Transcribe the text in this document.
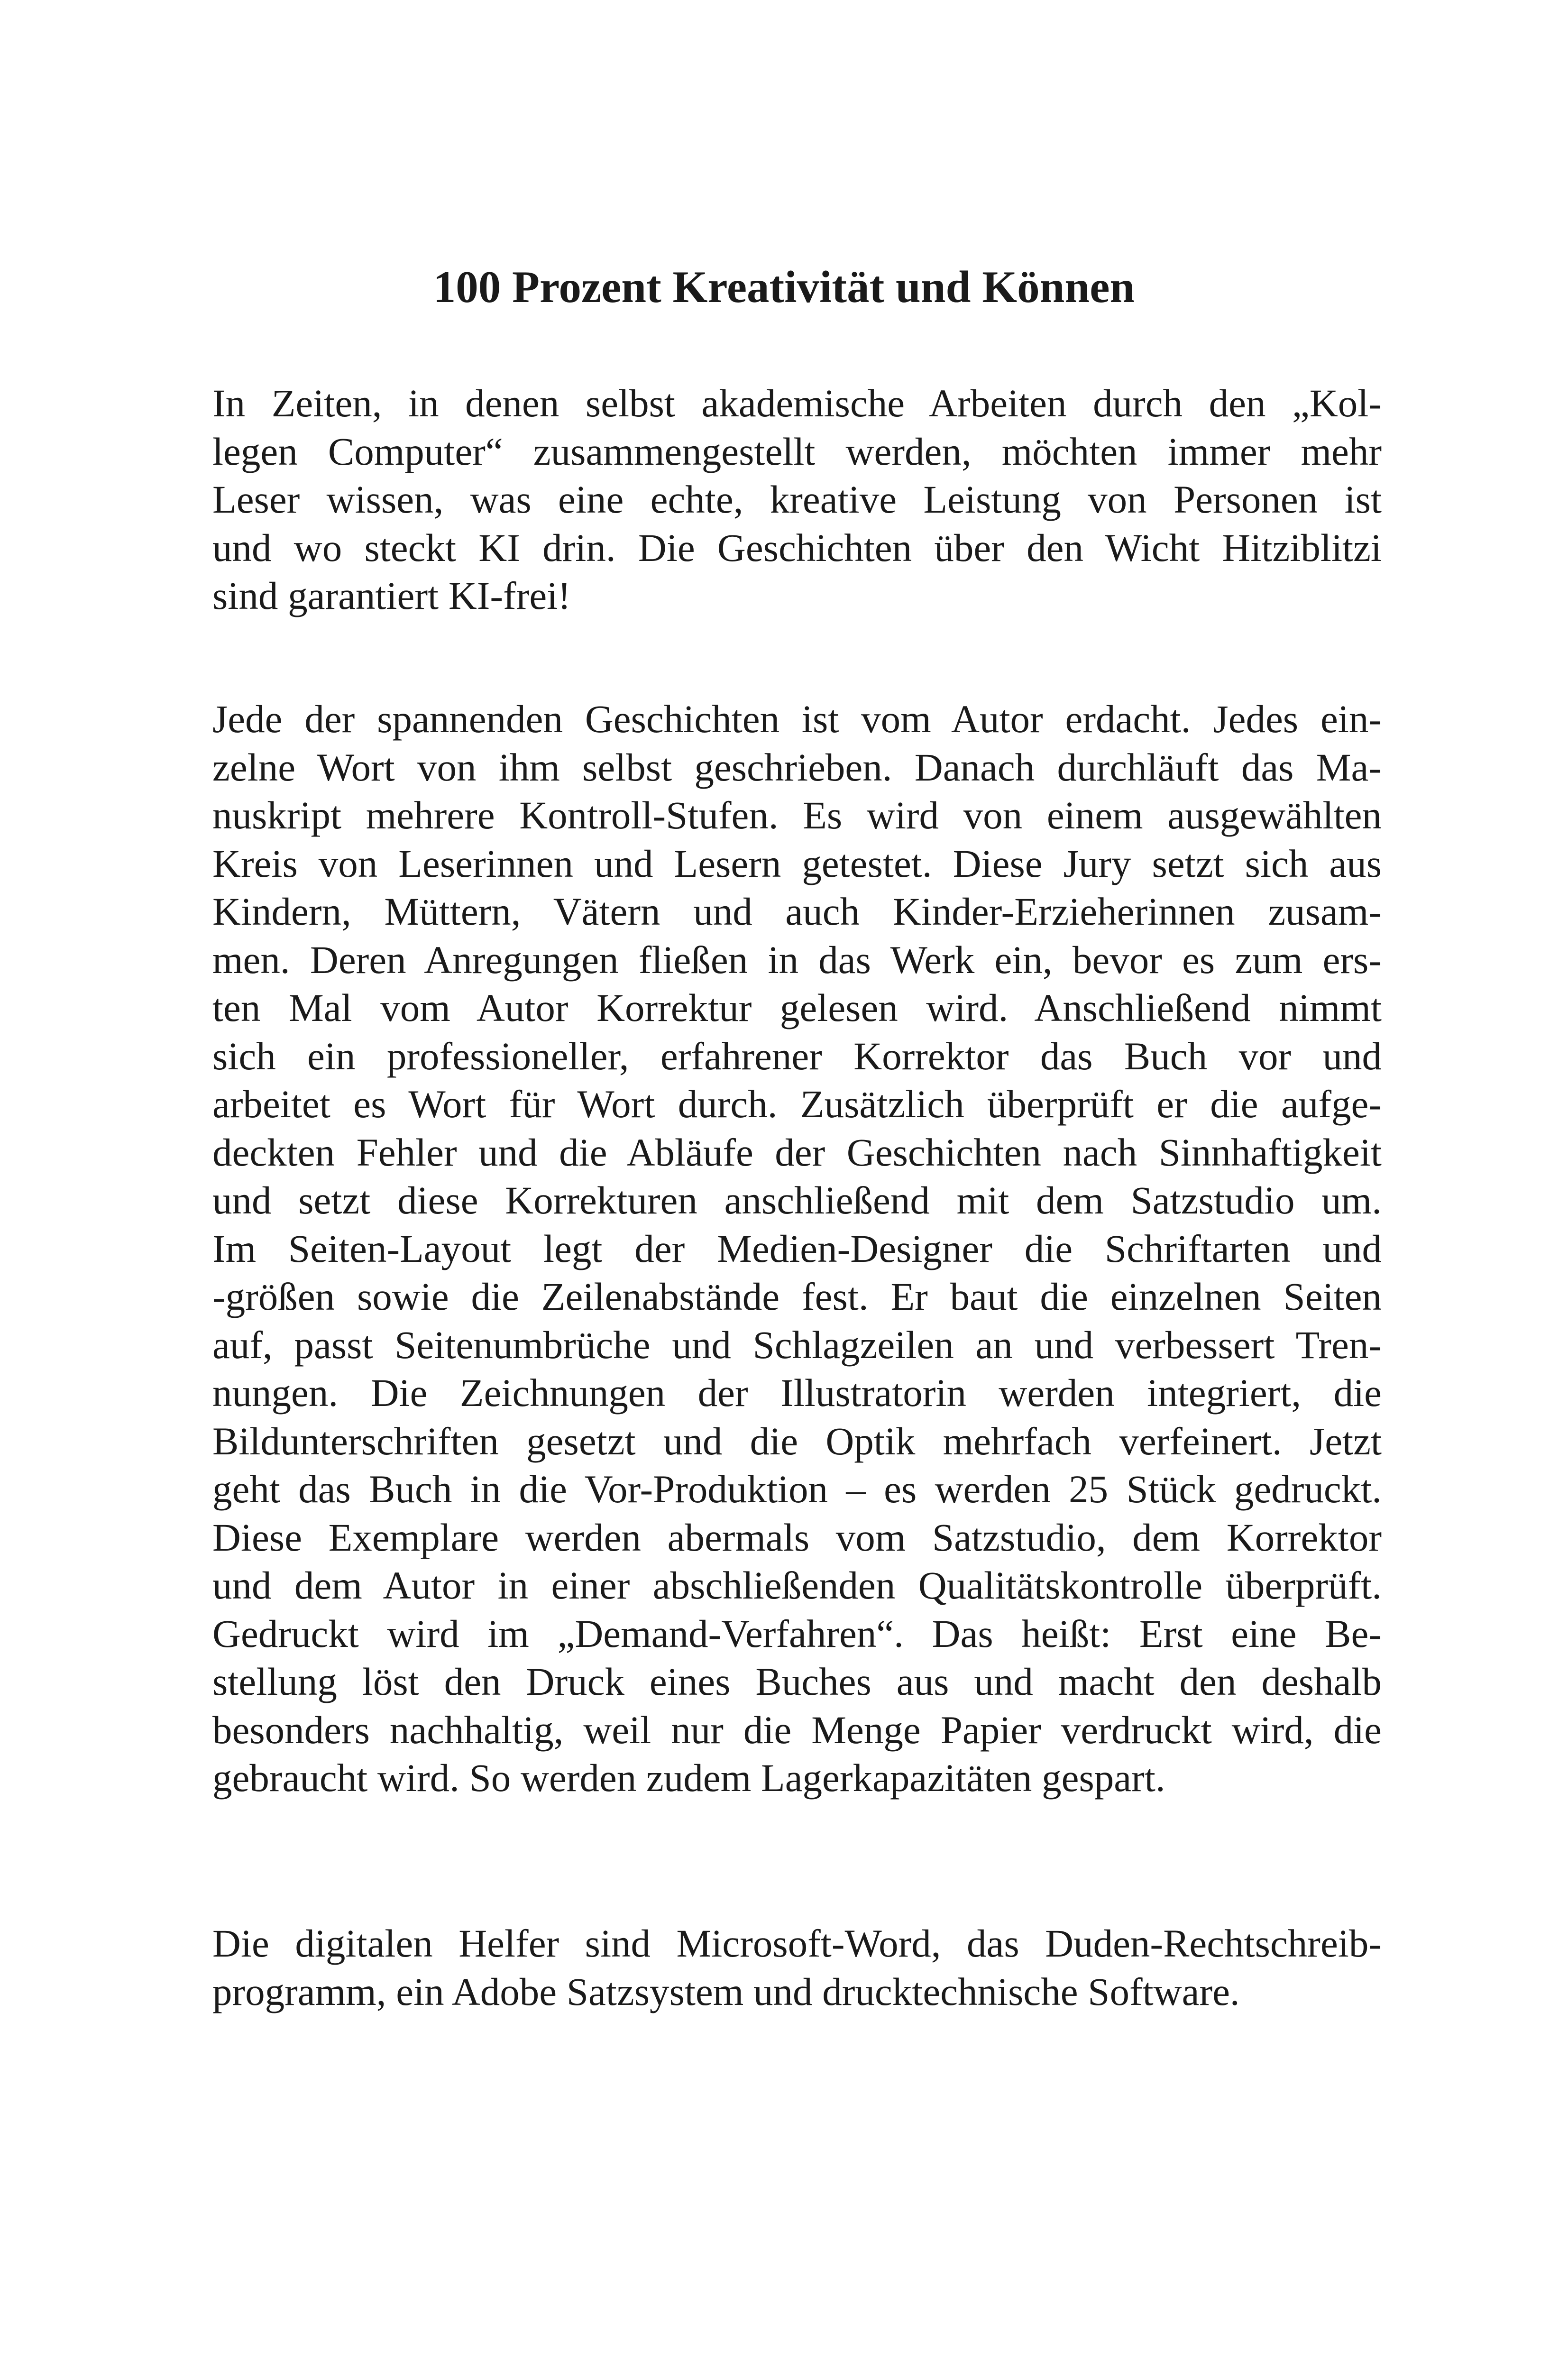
100 Prozent Kreativität und Können

In Zeiten, in denen selbst akademische Arbeiten durch den „Kol-
legen Computer“ zusammengestellt werden, möchten immer mehr
Leser wissen, was eine echte, kreative Leistung von Personen ist
und wo steckt KI drin. Die Geschichten über den Wicht Hitziblitzi
sind garantiert KI-frei!

Jede der spannenden Geschichten ist vom Autor erdacht. Jedes ein-
zelne Wort von ihm selbst geschrieben. Danach durchläuft das Ma-
nuskript mehrere Kontroll-Stufen. Es wird von einem ausgewählten
Kreis von Leserinnen und Lesern getestet. Diese Jury setzt sich aus
Kindern, Müttern, Vätern und auch Kinder-Erzieherinnen zusam-
men. Deren Anregungen fließen in das Werk ein, bevor es zum ers-
ten Mal vom Autor Korrektur gelesen wird. Anschließend nimmt
sich ein professioneller, erfahrener Korrektor das Buch vor und
arbeitet es Wort für Wort durch. Zusätzlich überprüft er die aufge-
deckten Fehler und die Abläufe der Geschichten nach Sinnhaftigkeit
und setzt diese Korrekturen anschließend mit dem Satzstudio um.
Im Seiten-Layout legt der Medien-Designer die Schriftarten und
-größen sowie die Zeilenabstände fest. Er baut die einzelnen Seiten
auf, passt Seitenumbrüche und Schlagzeilen an und verbessert Tren-
nungen. Die Zeichnungen der Illustratorin werden integriert, die
Bildunterschriften gesetzt und die Optik mehrfach verfeinert. Jetzt
geht das Buch in die Vor-Produktion – es werden 25 Stück gedruckt.
Diese Exemplare werden abermals vom Satzstudio, dem Korrektor
und dem Autor in einer abschließenden Qualitätskontrolle überprüft.
Gedruckt wird im „Demand-Verfahren“. Das heißt: Erst eine Be-
stellung löst den Druck eines Buches aus und macht den deshalb
besonders nachhaltig, weil nur die Menge Papier verdruckt wird, die
gebraucht wird. So werden zudem Lagerkapazitäten gespart.

Die digitalen Helfer sind Microsoft-Word, das Duden-Rechtschreib-
programm, ein Adobe Satzsystem und drucktechnische Software.
